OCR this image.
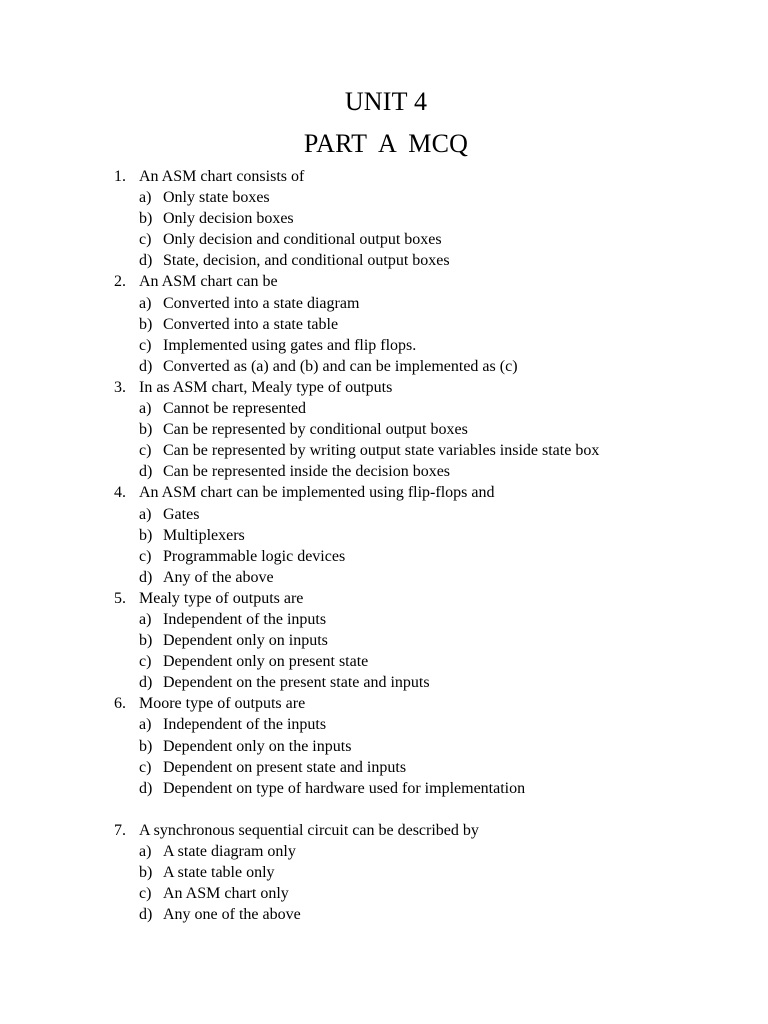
UNIT 4
PART A MCQ
1. An ASM chart consists of
a) Only state boxes
b) Only decision boxes
c) Only decision and conditional output boxes
d) State, decision, and conditional output boxes
2. An ASM chart can be
a) Converted into a state diagram
b) Converted into a state table
c) Implemented using gates and flip flops.
d) Converted as (a) and (b) and can be implemented as (c)
3. In as ASM chart, Mealy type of outputs
a) Cannot be represented
b) Can be represented by conditional output boxes
c) Can be represented by writing output state variables inside state box
d) Can be represented inside the decision boxes
4. An ASM chart can be implemented using flip-flops and
a) Gates
b) Multiplexers
c) Programmable logic devices
d) Any of the above
5. Mealy type of outputs are
a) Independent of the inputs
b) Dependent only on inputs
c) Dependent only on present state
d) Dependent on the present state and inputs
6. Moore type of outputs are
a) Independent of the inputs
b) Dependent only on the inputs
c) Dependent on present state and inputs
d) Dependent on type of hardware used for implementation
7. A synchronous sequential circuit can be described by
a) A state diagram only
b) A state table only
c) An ASM chart only
d) Any one of the above
